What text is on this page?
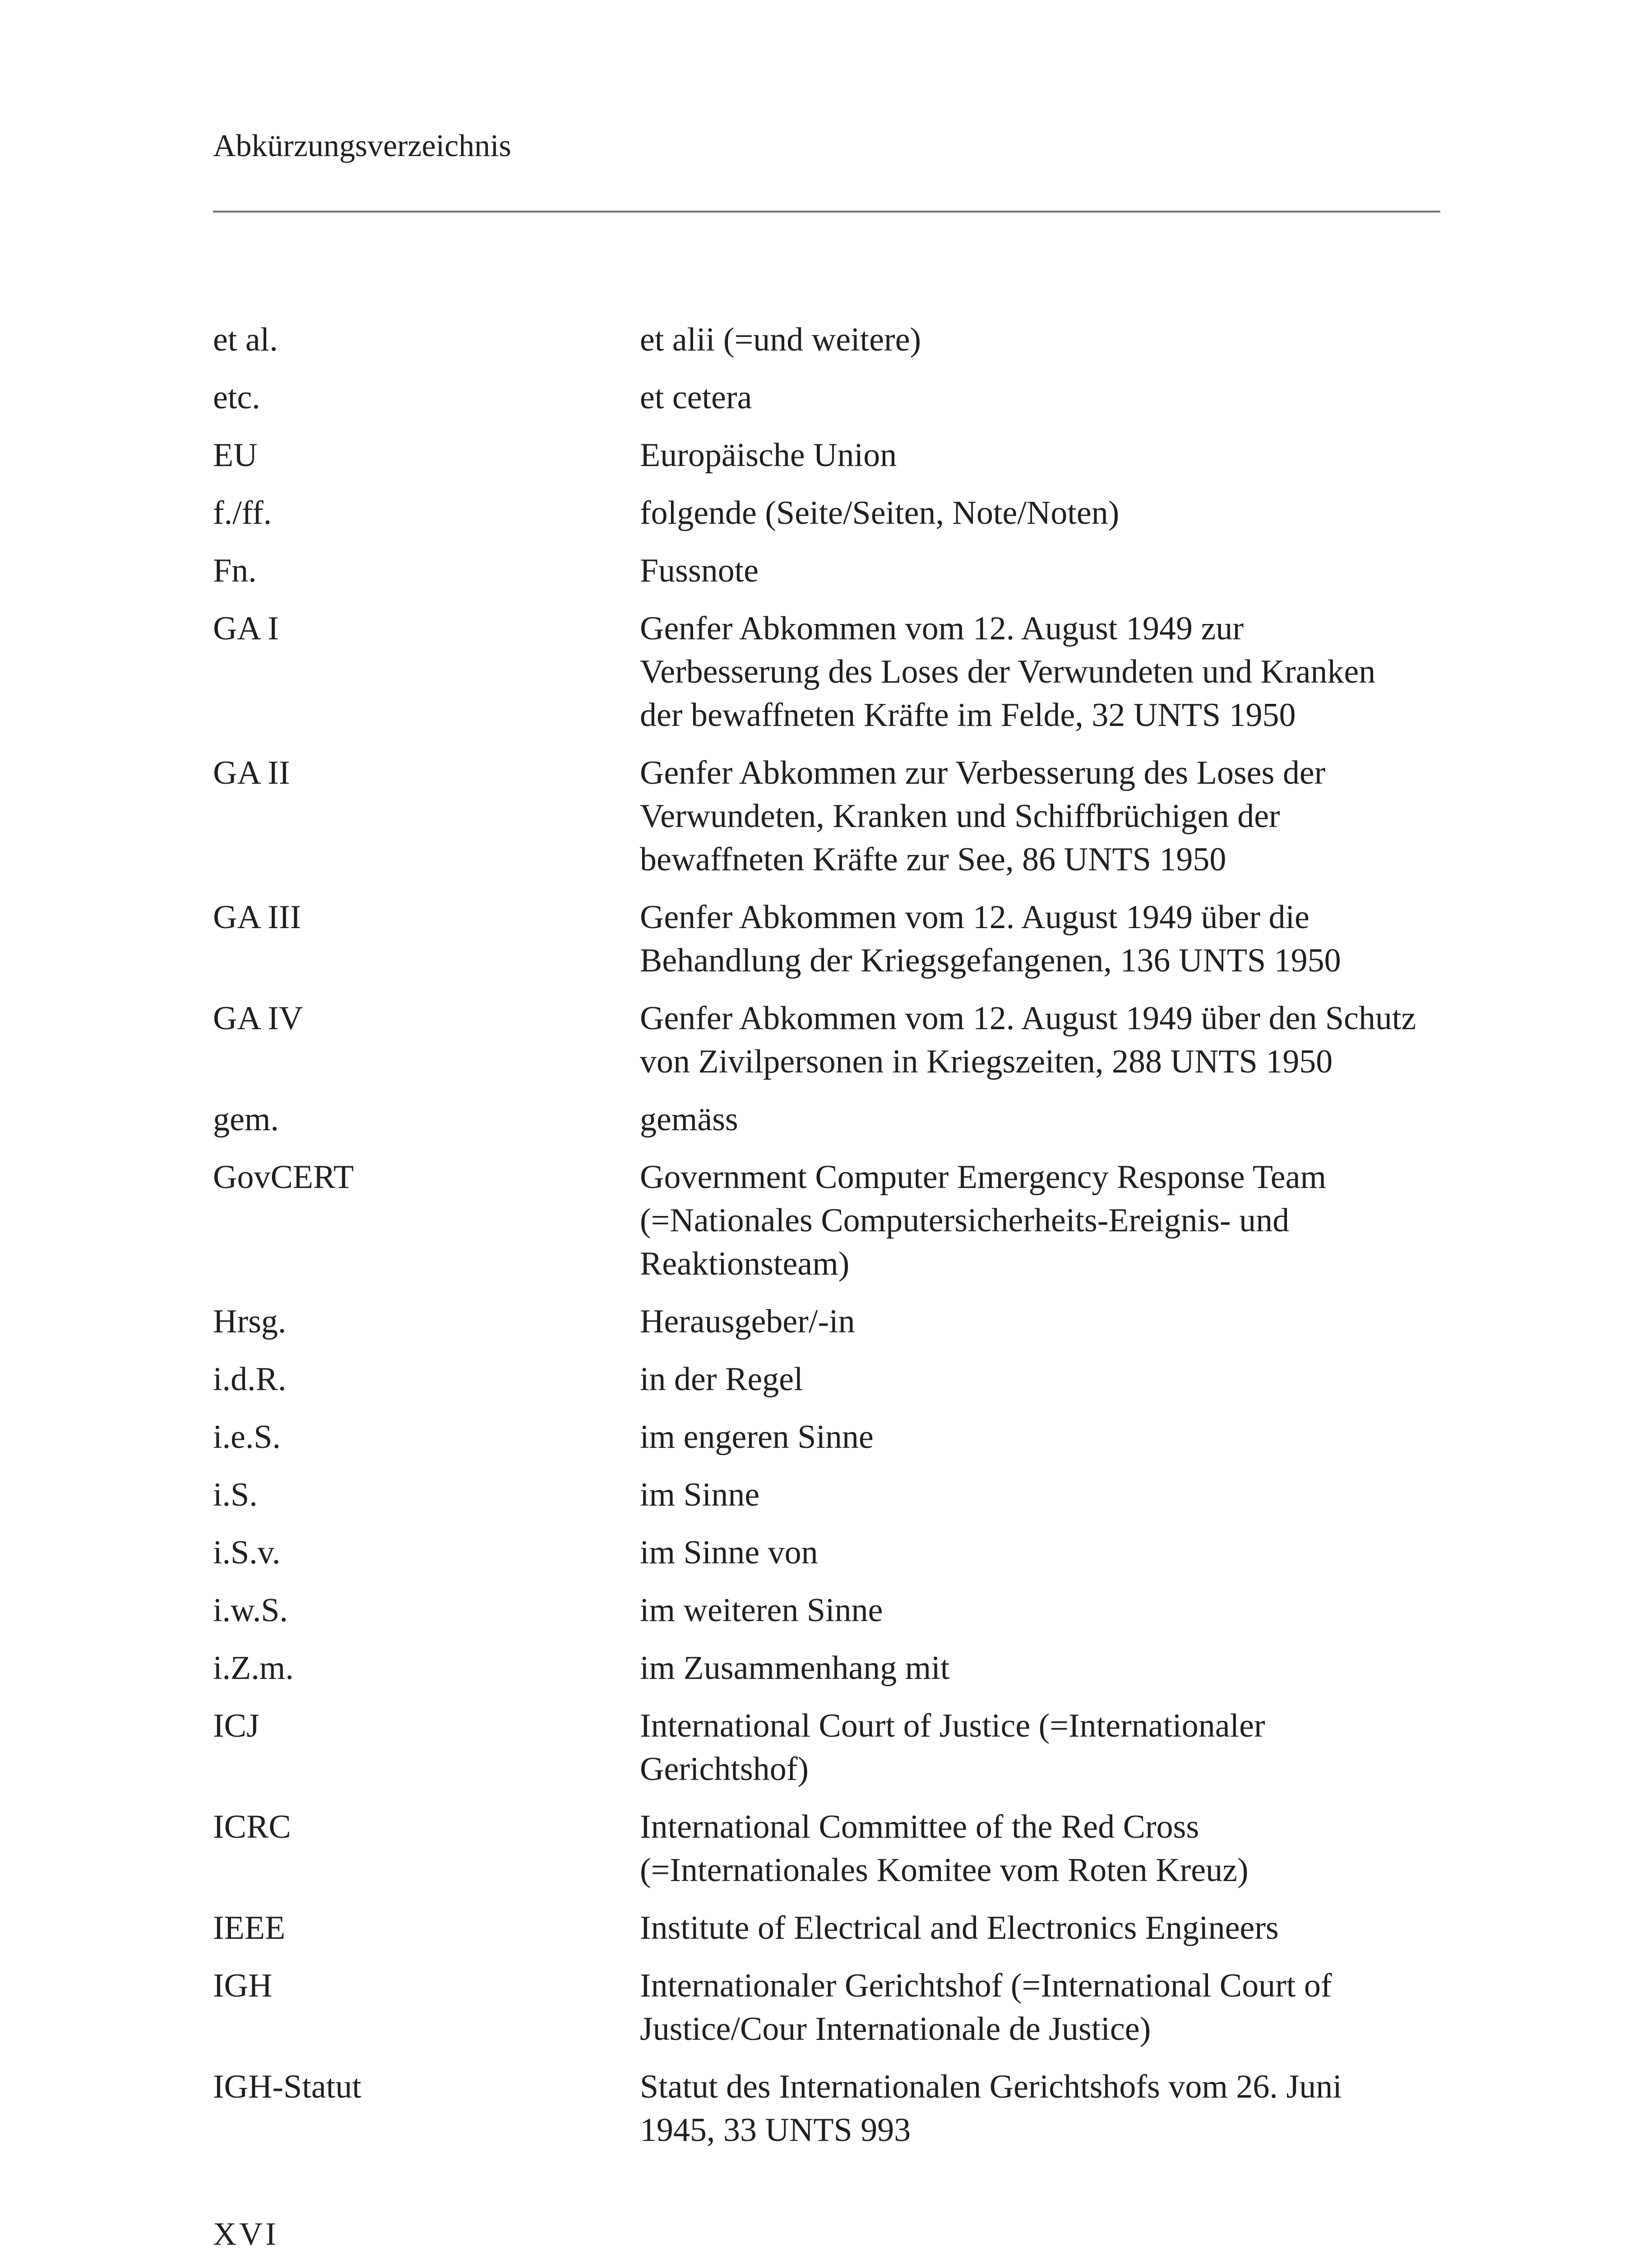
Abkürzungsverzeichnis
et al.	et alii (=und weitere)
etc.	et cetera
EU	Europäische Union
f./ff.	folgende (Seite/Seiten, Note/Noten)
Fn.	Fussnote
GA I	Genfer Abkommen vom 12. August 1949 zur
Verbesserung des Loses der Verwundeten und Kranken
der bewaffneten Kräfte im Felde, 32 UNTS 1950
GA II	Genfer Abkommen zur Verbesserung des Loses der
Verwundeten, Kranken und Schiffbrüchigen der
bewaffneten Kräfte zur See, 86 UNTS 1950
GA III	Genfer Abkommen vom 12. August 1949 über die
Behandlung der Kriegsgefangenen, 136 UNTS 1950
GA IV	Genfer Abkommen vom 12. August 1949 über den Schutz
von Zivilpersonen in Kriegszeiten, 288 UNTS 1950
gem.	gemäss
GovCERT	Government Computer Emergency Response Team
(=Nationales Computersicherheits-Ereignis- und
Reaktionsteam)
Hrsg.	Herausgeber/-in
i.d.R.	in der Regel
i.e.S.	im engeren Sinne
i.S.	im Sinne
i.S.v.	im Sinne von
i.w.S.	im weiteren Sinne
i.Z.m.	im Zusammenhang mit
ICJ	International Court of Justice (=Internationaler
Gerichtshof)
ICRC	International Committee of the Red Cross
(=Internationales Komitee vom Roten Kreuz)
IEEE	Institute of Electrical and Electronics Engineers
IGH	Internationaler Gerichtshof (=International Court of
Justice/Cour Internationale de Justice)
IGH-Statut	Statut des Internationalen Gerichtshofs vom 26. Juni
1945, 33 UNTS 993
XVI
